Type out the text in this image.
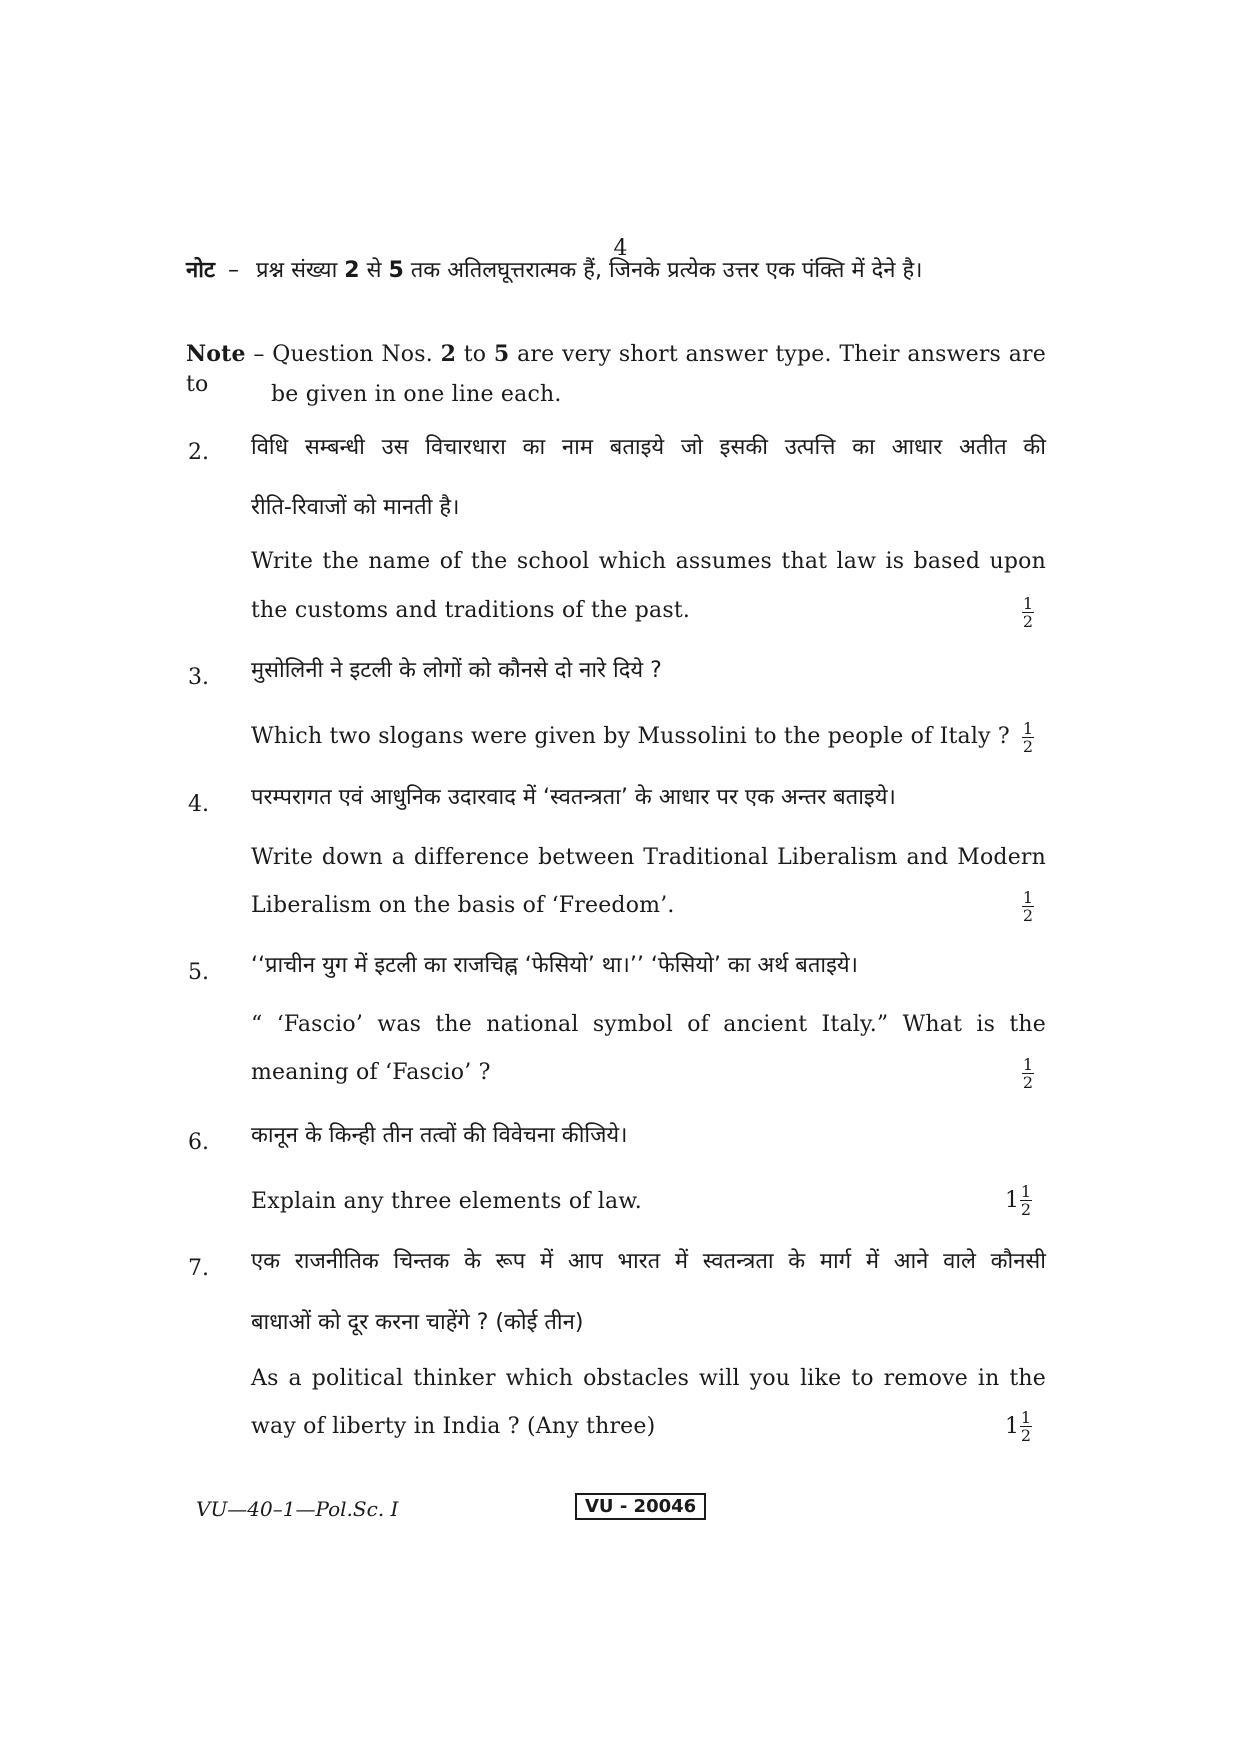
4
नोट – प्रश्न संख्या 2 से 5 तक अतिलघूत्तरात्मक हैं, जिनके प्रत्येक उत्तर एक पंक्ति में देने है।
Note – Question Nos. 2 to 5 are very short answer type. Their answers are to	be given in one line each.
2. विधि सम्बन्धी उस विचारधारा का नाम बताइये जो इसकी उत्पत्ति का आधार अतीत की
रीति-रिवाजों को मानती है।
Write the name of the school which assumes that law is based upon
the customs and traditions of the past.	1
2
3. मुसोलिनी ने इटली के लोगों को कौनसे दो नारे दिये ?
Which two slogans were given by Mussolini to the people of Italy ? 1
2
4. परम्परागत एवं आधुनिक उदारवाद में ‘स्वतन्त्रता’ के आधार पर एक अन्तर बताइये।
Write down a difference between Traditional Liberalism and Modern
Liberalism on the basis of ‘Freedom’.	1
2
5. ‘‘प्राचीन युग में इटली का राजचिह्न ‘फेसियो’ था।’’ ‘फेसियो’ का अर्थ बताइये।
“ ‘Fascio’ was the national symbol of ancient Italy.” What is the
meaning of ‘Fascio’ ?	1
2
6. कानून के किन्ही तीन तत्वों की विवेचना कीजिये।
Explain any three elements of law.	$1 \frac{1}{2}$
7. एक राजनीतिक चिन्तक के रूप में आप भारत में स्वतन्त्रता के मार्ग में आने वाले कौनसी
बाधाओं को दूर करना चाहेंगे ? (कोई तीन)
As a political thinker which obstacles will you like to remove in the
way of liberty in India ? (Any three)	$1 \frac{1}{2}$
VU—40–1—Pol.Sc. I	VU - 20046
